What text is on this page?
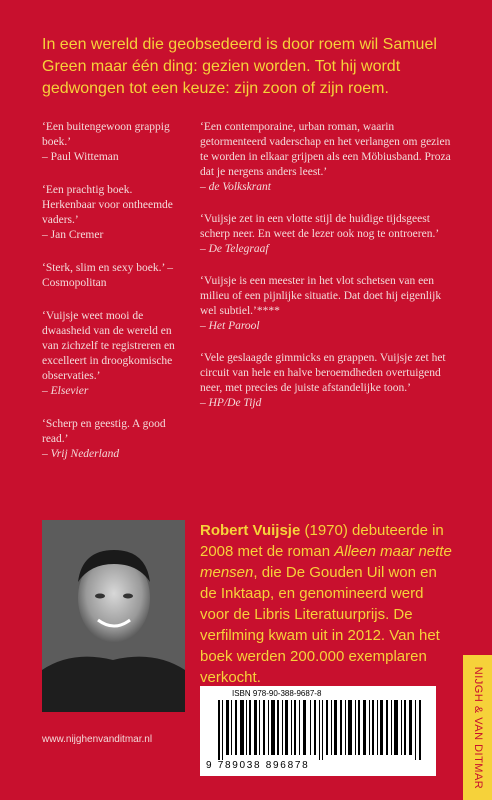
In een wereld die geobsedeerd is door roem wil Samuel Green maar één ding: gezien worden. Tot hij wordt gedwongen tot een keuze: zijn zoon of zijn roem.
‘Een buitengewoon grappig boek.’
– Paul Witteman
‘Een prachtig boek. Herkenbaar voor ontheemde vaders.’
– Jan Cremer
‘Sterk, slim en sexy boek.’ – Cosmopolitan
‘Vuijsje weet mooi de dwaasheid van de wereld en van zichzelf te registreren en excelleert in droogkomische observaties.’
– Elsevier
‘Scherp en geestig. A good read.’
– Vrij Nederland
‘Een contemporaine, urban roman, waarin getormenteerd vaderschap en het verlangen om gezien te worden in elkaar grijpen als een Möbiusband. Proza dat je nergens anders leest.’
– de Volkskrant
‘Vuijsje zet in een vlotte stijl de huidige tijdsgeest scherp neer. En weet de lezer ook nog te ontroeren.’
– De Telegraaf
‘Vuijsje is een meester in het vlot schetsen van een milieu of een pijnlijke situatie. Dat doet hij eigenlijk wel subtiel.’****
– Het Parool
‘Vele geslaagde gimmicks en grappen. Vuijsje zet het circuit van hele en halve beroemdheden overtuigend neer, met precies de juiste afstandelijke toon.’
– HP/De Tijd
Robert Vuijsje (1970) debuteerde in 2008 met de roman Alleen maar nette mensen, die De Gouden Uil won en de Inktaap, en genomineerd werd voor de Libris Literatuurprijs. De verfilming kwam uit in 2012. Van het boek werden 200.000 exemplaren verkocht.
ISBN 978-90-388-9687-8
9 789038 896878
www.nijghenvanditmar.nl	NIJGH & VAN DITMAR
